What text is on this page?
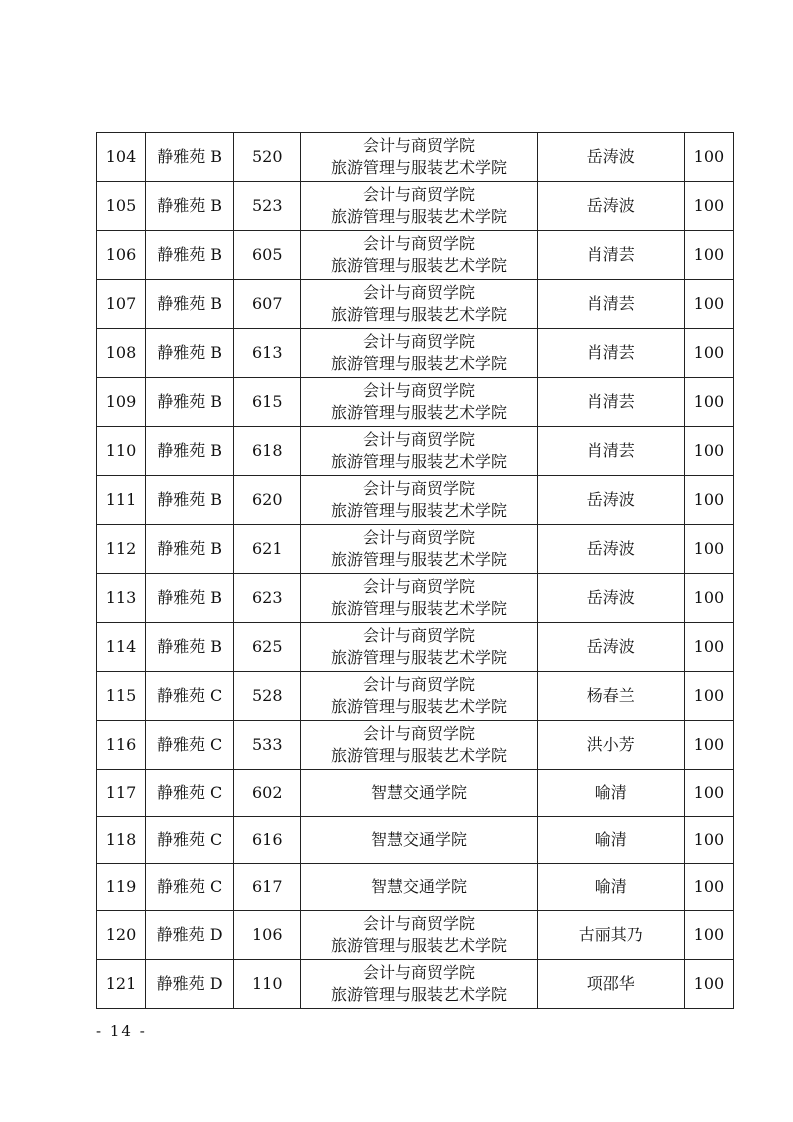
104	静雅苑 B	520	会计与商贸学院
旅游管理与服装艺术学院	岳涛波	100
105	静雅苑 B	523	会计与商贸学院
旅游管理与服装艺术学院	岳涛波	100
106	静雅苑 B	605	会计与商贸学院
旅游管理与服装艺术学院	肖清芸	100
107	静雅苑 B	607	会计与商贸学院
旅游管理与服装艺术学院	肖清芸	100
108	静雅苑 B	613	会计与商贸学院
旅游管理与服装艺术学院	肖清芸	100
109	静雅苑 B	615	会计与商贸学院
旅游管理与服装艺术学院	肖清芸	100
110	静雅苑 B	618	会计与商贸学院
旅游管理与服装艺术学院	肖清芸	100
111	静雅苑 B	620	会计与商贸学院
旅游管理与服装艺术学院	岳涛波	100
112	静雅苑 B	621	会计与商贸学院
旅游管理与服装艺术学院	岳涛波	100
113	静雅苑 B	623	会计与商贸学院
旅游管理与服装艺术学院	岳涛波	100
114	静雅苑 B	625	会计与商贸学院
旅游管理与服装艺术学院	岳涛波	100
115	静雅苑 C	528	会计与商贸学院
旅游管理与服装艺术学院	杨春兰	100
116	静雅苑 C	533	会计与商贸学院
旅游管理与服装艺术学院	洪小芳	100
117	静雅苑 C	602	智慧交通学院	喻清	100
118	静雅苑 C	616	智慧交通学院	喻清	100
119	静雅苑 C	617	智慧交通学院	喻清	100
120	静雅苑 D	106	会计与商贸学院
旅游管理与服装艺术学院	古丽其乃	100
121	静雅苑 D	110	会计与商贸学院
旅游管理与服装艺术学院	项邵华	100
- 14 -
